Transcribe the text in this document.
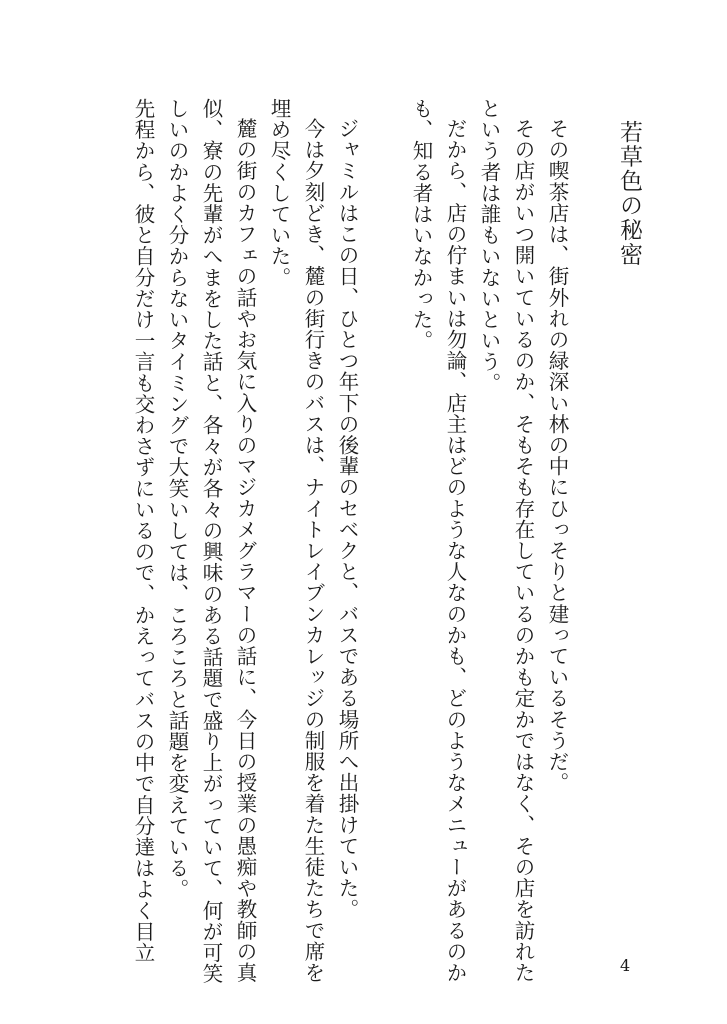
若草色の秘密
その喫茶店は、街外れの緑深い林の中にひっそりと建っているそうだ。
その店がいつ開いているのか、そもそも存在しているのかも定かではなく、その店を訪れた
という者は誰もいないという。
だから、店の佇まいは勿論、店主はどのような人なのかも、どのようなメニューがあるのか
も、知る者はいなかった。
ジャミルはこの日、ひとつ年下の後輩のセベクと、バスである場所へ出掛けていた。
今は夕刻どき、麓の街行きのバスは、ナイトレイブンカレッジの制服を着た生徒たちで席を
埋め尽くしていた。
麓の街のカフェの話やお気に入りのマジカメグラマーの話に、今日の授業の愚痴や教師の真
似、寮の先輩がへまをした話と、各々が各々の興味のある話題で盛り上がっていて、何が可笑
しいのかよく分からないタイミングで大笑いしては、ころころと話題を変えている。
先程から、彼と自分だけ一言も交わさずにいるので、かえってバスの中で自分達はよく目立
4
